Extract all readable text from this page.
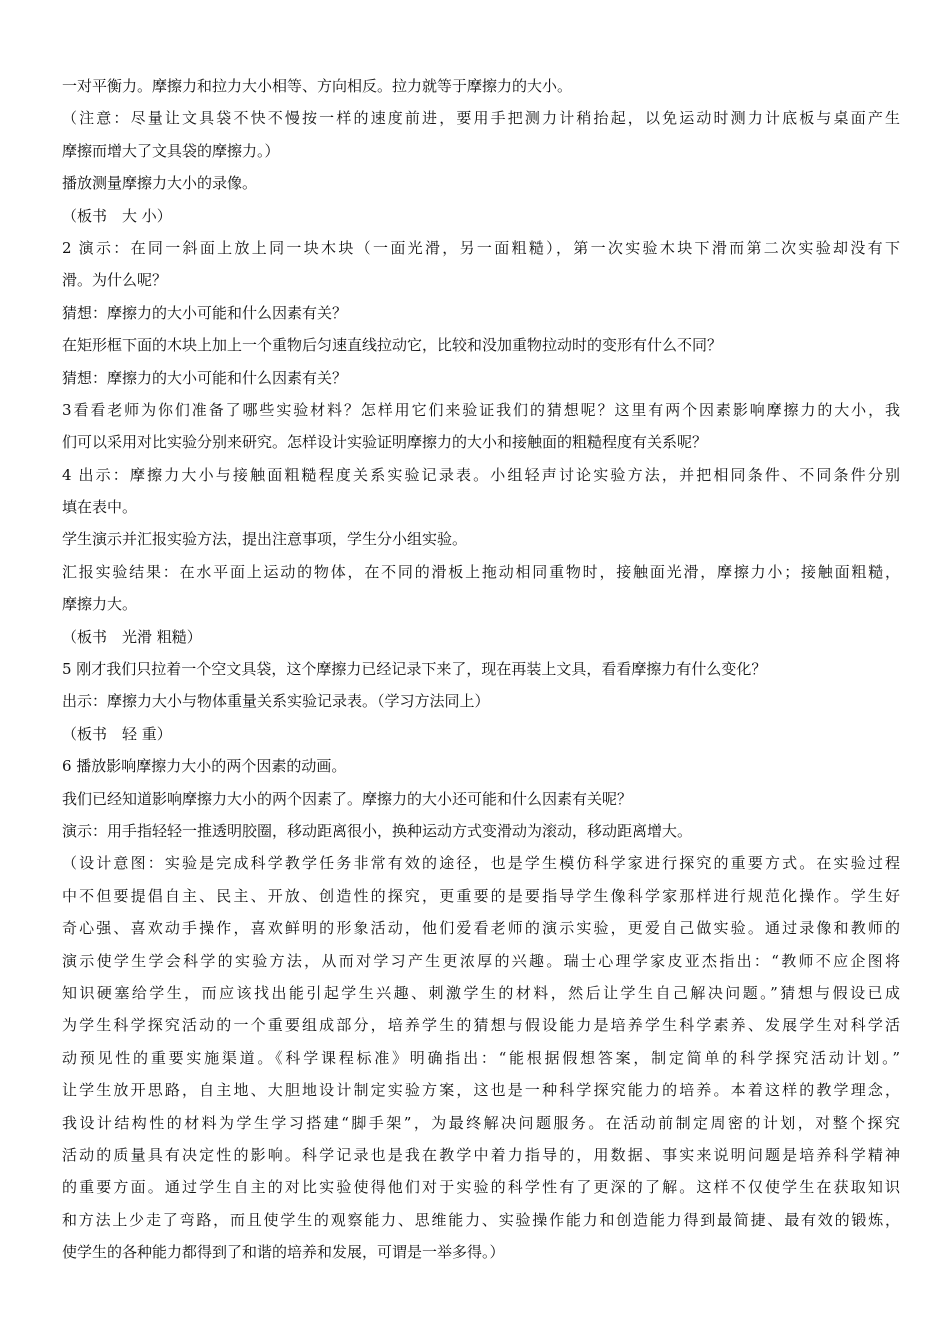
一对平衡力。摩擦力和拉力大小相等、方向相反。拉力就等于摩擦力的大小。
（注意：尽量让文具袋不快不慢按一样的速度前进，要用手把测力计稍抬起，以免运动时测力计底板与桌面产生
摩擦而增大了文具袋的摩擦力。）
播放测量摩擦力大小的录像。
（板书　大 小）
2 演示：在同一斜面上放上同一块木块（一面光滑，另一面粗糙），第一次实验木块下滑而第二次实验却没有下
滑。为什么呢？
猜想：摩擦力的大小可能和什么因素有关？
在矩形框下面的木块上加上一个重物后匀速直线拉动它，比较和没加重物拉动时的变形有什么不同？
猜想：摩擦力的大小可能和什么因素有关？
3看看老师为你们准备了哪些实验材料？怎样用它们来验证我们的猜想呢？这里有两个因素影响摩擦力的大小，我
们可以采用对比实验分别来研究。怎样设计实验证明摩擦力的大小和接触面的粗糙程度有关系呢？
4 出示：摩擦力大小与接触面粗糙程度关系实验记录表。小组轻声讨论实验方法，并把相同条件、不同条件分别
填在表中。
学生演示并汇报实验方法，提出注意事项，学生分小组实验。
汇报实验结果：在水平面上运动的物体，在不同的滑板上拖动相同重物时，接触面光滑，摩擦力小；接触面粗糙，
摩擦力大。
（板书　光滑 粗糙）
5 刚才我们只拉着一个空文具袋，这个摩擦力已经记录下来了，现在再装上文具，看看摩擦力有什么变化？
出示：摩擦力大小与物体重量关系实验记录表。（学习方法同上）
（板书　轻 重）
6 播放影响摩擦力大小的两个因素的动画。
我们已经知道影响摩擦力大小的两个因素了。摩擦力的大小还可能和什么因素有关呢？
演示：用手指轻轻一推透明胶圈，移动距离很小，换种运动方式变滑动为滚动，移动距离增大。
（设计意图：实验是完成科学教学任务非常有效的途径，也是学生模仿科学家进行探究的重要方式。在实验过程
中不但要提倡自主、民主、开放、创造性的探究，更重要的是要指导学生像科学家那样进行规范化操作。学生好
奇心强、喜欢动手操作，喜欢鲜明的形象活动，他们爱看老师的演示实验，更爱自己做实验。通过录像和教师的
演示使学生学会科学的实验方法，从而对学习产生更浓厚的兴趣。瑞士心理学家皮亚杰指出：“教师不应企图将
知识硬塞给学生，而应该找出能引起学生兴趣、刺激学生的材料，然后让学生自己解决问题。”猜想与假设已成
为学生科学探究活动的一个重要组成部分，培养学生的猜想与假设能力是培养学生科学素养、发展学生对科学活
动预见性的重要实施渠道。《科学课程标准》明确指出：“能根据假想答案，制定简单的科学探究活动计划。”
让学生放开思路，自主地、大胆地设计制定实验方案，这也是一种科学探究能力的培养。本着这样的教学理念，
我设计结构性的材料为学生学习搭建“脚手架”，为最终解决问题服务。在活动前制定周密的计划，对整个探究
活动的质量具有决定性的影响。科学记录也是我在教学中着力指导的，用数据、事实来说明问题是培养科学精神
的重要方面。通过学生自主的对比实验使得他们对于实验的科学性有了更深的了解。这样不仅使学生在获取知识
和方法上少走了弯路，而且使学生的观察能力、思维能力、实验操作能力和创造能力得到最简捷、最有效的锻炼，
使学生的各种能力都得到了和谐的培养和发展，可谓是一举多得。）
